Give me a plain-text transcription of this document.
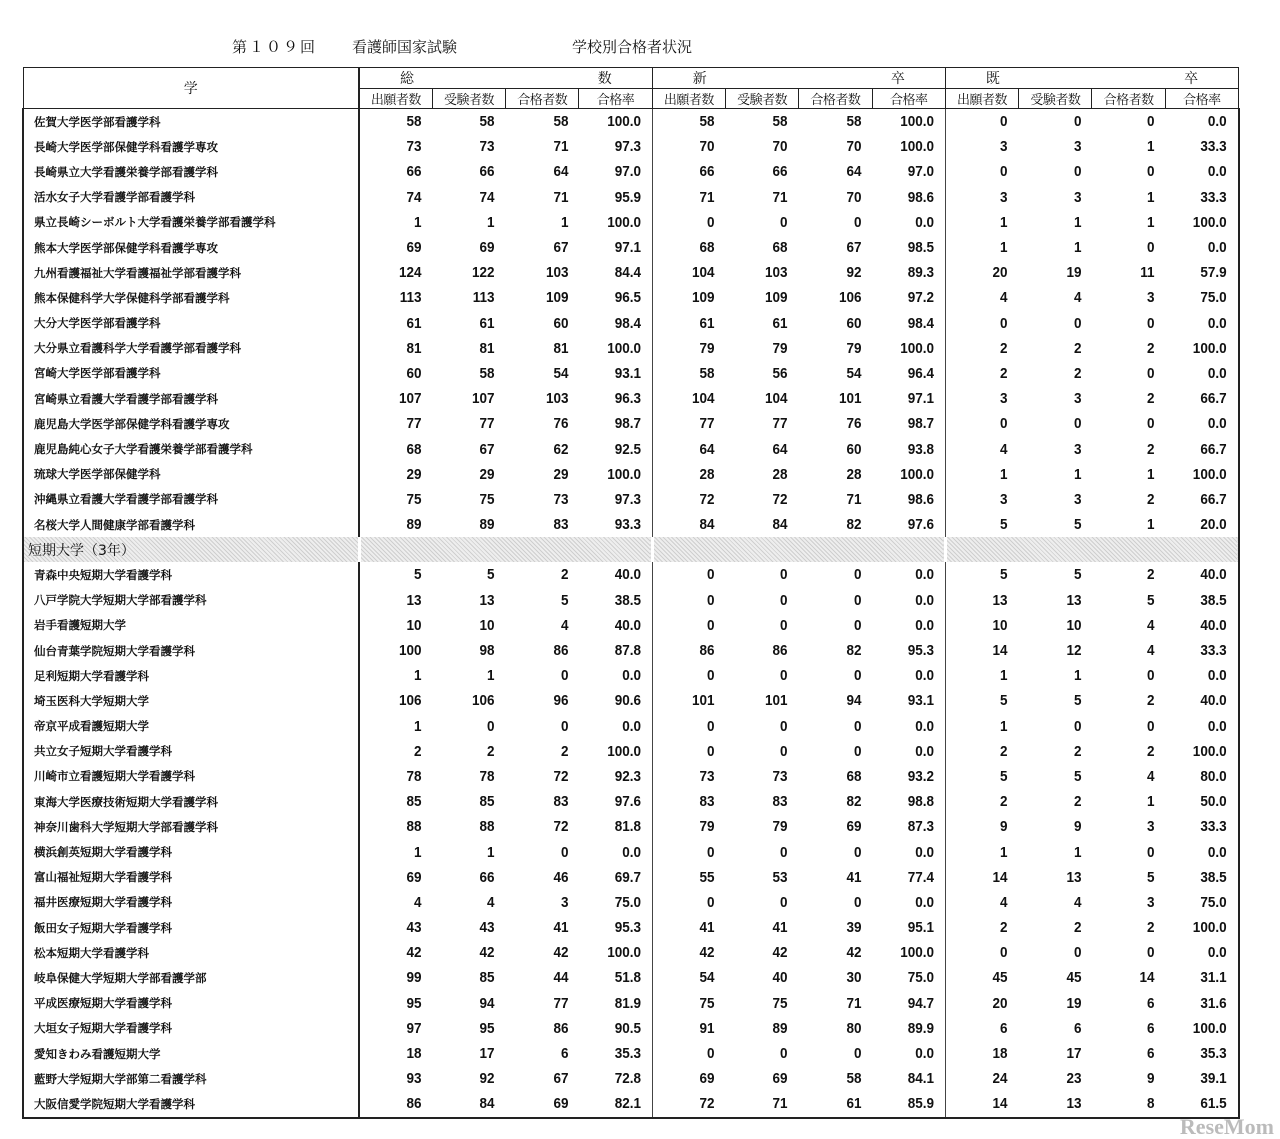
第１０９回 看護師国家試験	学校別合格者状況
学	総 数				新 卒				既 卒			

	出願者数	受験者数	合格者数	合格率	出願者数	受験者数	合格者数	合格率	出願者数	受験者数	合格者数	合格率
佐賀大学医学部看護学科	58	58	58	100.0	58	58	58	100.0	0	0	0	0.0
長崎大学医学部保健学科看護学専攻	73	73	71	97.3	70	70	70	100.0	3	3	1	33.3
長崎県立大学看護栄養学部看護学科	66	66	64	97.0	66	66	64	97.0	0	0	0	0.0
活水女子大学看護学部看護学科	74	74	71	95.9	71	71	70	98.6	3	3	1	33.3
県立長崎シーボルト大学看護栄養学部看護学科	1	1	1	100.0	0	0	0	0.0	1	1	1	100.0
熊本大学医学部保健学科看護学専攻	69	69	67	97.1	68	68	67	98.5	1	1	0	0.0
九州看護福祉大学看護福祉学部看護学科	124	122	103	84.4	104	103	92	89.3	20	19	11	57.9
熊本保健科学大学保健科学部看護学科	113	113	109	96.5	109	109	106	97.2	4	4	3	75.0
大分大学医学部看護学科	61	61	60	98.4	61	61	60	98.4	0	0	0	0.0
大分県立看護科学大学看護学部看護学科	81	81	81	100.0	79	79	79	100.0	2	2	2	100.0
宮崎大学医学部看護学科	60	58	54	93.1	58	56	54	96.4	2	2	0	0.0
宮崎県立看護大学看護学部看護学科	107	107	103	96.3	104	104	101	97.1	3	3	2	66.7
鹿児島大学医学部保健学科看護学専攻	77	77	76	98.7	77	77	76	98.7	0	0	0	0.0
鹿児島純心女子大学看護栄養学部看護学科	68	67	62	92.5	64	64	60	93.8	4	3	2	66.7
琉球大学医学部保健学科	29	29	29	100.0	28	28	28	100.0	1	1	1	100.0
沖縄県立看護大学看護学部看護学科	75	75	73	97.3	72	72	71	98.6	3	3	2	66.7
名桜大学人間健康学部看護学科	89	89	83	93.3	84	84	82	97.6	5	5	1	20.0
短期大学（3年）												
青森中央短期大学看護学科	5	5	2	40.0	0	0	0	0.0	5	5	2	40.0
八戸学院大学短期大学部看護学科	13	13	5	38.5	0	0	0	0.0	13	13	5	38.5
岩手看護短期大学	10	10	4	40.0	0	0	0	0.0	10	10	4	40.0
仙台青葉学院短期大学看護学科	100	98	86	87.8	86	86	82	95.3	14	12	4	33.3
足利短期大学看護学科	1	1	0	0.0	0	0	0	0.0	1	1	0	0.0
埼玉医科大学短期大学	106	106	96	90.6	101	101	94	93.1	5	5	2	40.0
帝京平成看護短期大学	1	0	0	0.0	0	0	0	0.0	1	0	0	0.0
共立女子短期大学看護学科	2	2	2	100.0	0	0	0	0.0	2	2	2	100.0
川崎市立看護短期大学看護学科	78	78	72	92.3	73	73	68	93.2	5	5	4	80.0
東海大学医療技術短期大学看護学科	85	85	83	97.6	83	83	82	98.8	2	2	1	50.0
神奈川歯科大学短期大学部看護学科	88	88	72	81.8	79	79	69	87.3	9	9	3	33.3
横浜創英短期大学看護学科	1	1	0	0.0	0	0	0	0.0	1	1	0	0.0
富山福祉短期大学看護学科	69	66	46	69.7	55	53	41	77.4	14	13	5	38.5
福井医療短期大学看護学科	4	4	3	75.0	0	0	0	0.0	4	4	3	75.0
飯田女子短期大学看護学科	43	43	41	95.3	41	41	39	95.1	2	2	2	100.0
松本短期大学看護学科	42	42	42	100.0	42	42	42	100.0	0	0	0	0.0
岐阜保健大学短期大学部看護学部	99	85	44	51.8	54	40	30	75.0	45	45	14	31.1
平成医療短期大学看護学科	95	94	77	81.9	75	75	71	94.7	20	19	6	31.6
大垣女子短期大学看護学科	97	95	86	90.5	91	89	80	89.9	6	6	6	100.0
愛知きわみ看護短期大学	18	17	6	35.3	0	0	0	0.0	18	17	6	35.3
藍野大学短期大学部第二看護学科	93	92	67	72.8	69	69	58	84.1	24	23	9	39.1
大阪信愛学院短期大学看護学科	86	84	69	82.1	72	71	61	85.9	14	13	8	61.5
ReseMom
